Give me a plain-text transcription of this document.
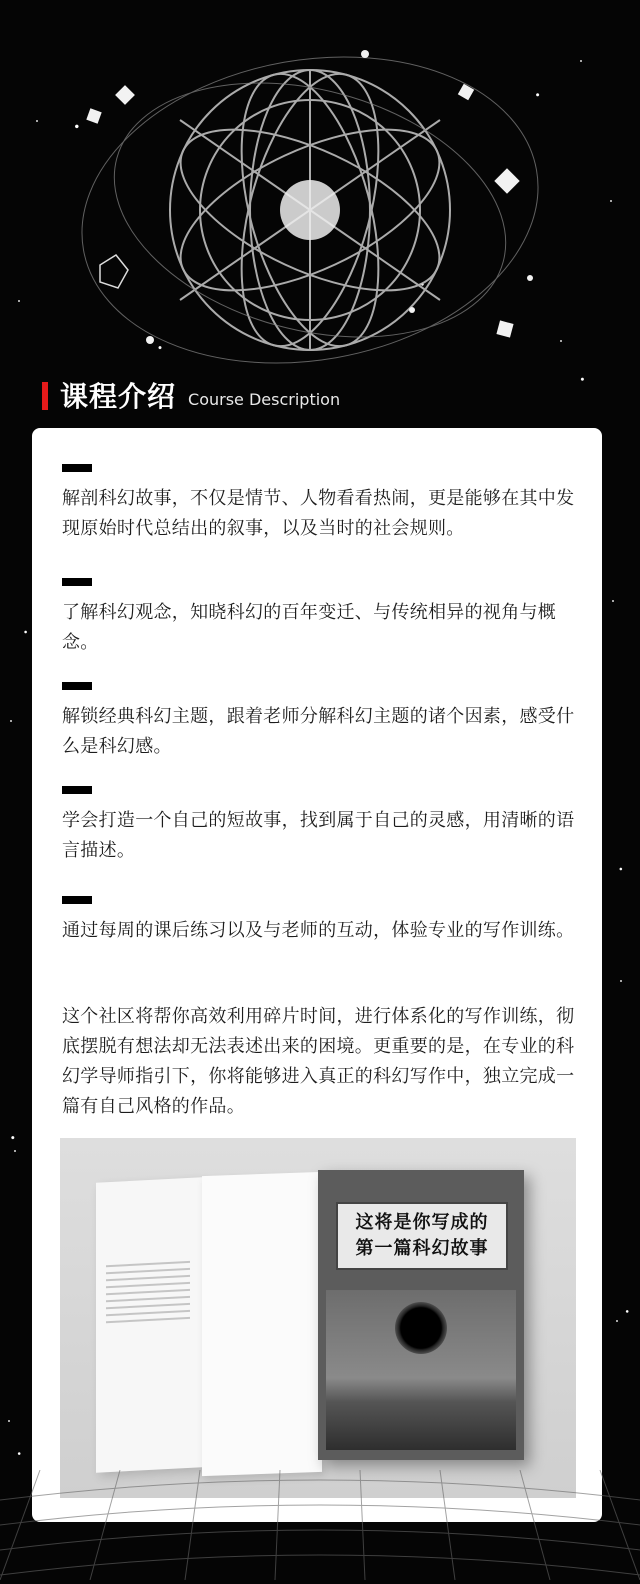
课程介绍 Course Description
解剖科幻故事，不仅是情节、人物看看热闹，更是能够在其中发现原始时代总结出的叙事，以及当时的社会规则。
了解科幻观念，知晓科幻的百年变迁、与传统相异的视角与概念。
解锁经典科幻主题，跟着老师分解科幻主题的诸个因素，感受什么是科幻感。
学会打造一个自己的短故事，找到属于自己的灵感，用清晰的语言描述。
通过每周的课后练习以及与老师的互动，体验专业的写作训练。
这个社区将帮你高效利用碎片时间，进行体系化的写作训练，彻底摆脱有想法却无法表述出来的困境。更重要的是，在专业的科幻学导师指引下，你将能够进入真正的科幻写作中，独立完成一篇有自己风格的作品。
这将是你写成的
第一篇科幻故事
